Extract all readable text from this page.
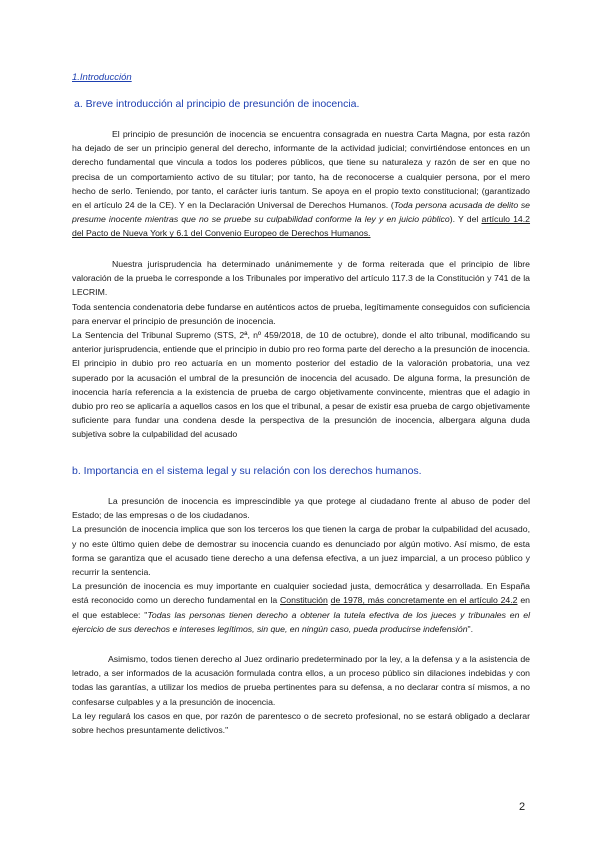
1.Introducción
a. Breve introducción al principio de presunción de inocencia.

El principio de presunción de inocencia se encuentra consagrada en nuestra Carta Magna, por esta razón ha dejado de ser un principio general del derecho, informante de la actividad judicial; convirtiéndose entonces en un derecho fundamental que vincula a todos los poderes públicos, que tiene su naturaleza y razón de ser en que no precisa de un comportamiento activo de su titular; por tanto, ha de reconocerse a cualquier persona, por el mero hecho de serlo. Teniendo, por tanto, el carácter iuris tantum. Se apoya en el propio texto constitucional; (garantizado en el artículo 24 de la CE). Y en la Declaración Universal de Derechos Humanos. (Toda persona acusada de delito se presume inocente mientras que no se pruebe su culpabilidad conforme la ley y en juicio público). Y del artículo 14.2 del Pacto de Nueva York y 6.1 del Convenio Europeo de Derechos Humanos.

Nuestra jurisprudencia ha determinado unánimemente y de forma reiterada que el principio de libre valoración de la prueba le corresponde a los Tribunales por imperativo del artículo 117.3 de la Constitución y 741 de la LECRIM.

Toda sentencia condenatoria debe fundarse en auténticos actos de prueba, legítimamente conseguidos con suficiencia para enervar el principio de presunción de inocencia.

La Sentencia del Tribunal Supremo (STS, 2ª, nº 459/2018, de 10 de octubre), donde el alto tribunal, modificando su anterior jurisprudencia, entiende que el principio in dubio pro reo forma parte del derecho a la presunción de inocencia. El principio in dubio pro reo actuaría en un momento posterior del estadio de la valoración probatoria, una vez superado por la acusación el umbral de la presunción de inocencia del acusado. De alguna forma, la presunción de inocencia haría referencia a la existencia de prueba de cargo objetivamente convincente, mientras que el adagio in dubio pro reo se aplicaría a aquellos casos en los que el tribunal, a pesar de existir esa prueba de cargo objetivamente suficiente para fundar una condena desde la perspectiva de la presunción de inocencia, albergara alguna duda subjetiva sobre la culpabilidad del acusado

b. Importancia en el sistema legal y su relación con los derechos humanos.

La presunción de inocencia es imprescindible ya que protege al ciudadano frente al abuso de poder del Estado; de las empresas o de los ciudadanos.

La presunción de inocencia implica que son los terceros los que tienen la carga de probar la culpabilidad del acusado, y no este último quien debe de demostrar su inocencia cuando es denunciado por algún motivo. Así mismo, de esta forma se garantiza que el acusado tiene derecho a una defensa efectiva, a un juez imparcial, a un proceso público y recurrir la sentencia.

La presunción de inocencia es muy importante en cualquier sociedad justa, democrática y desarrollada. En España está reconocido como un derecho fundamental en la Constitución de 1978, más concretamente en el artículo 24.2 en el que establece: "Todas las personas tienen derecho a obtener la tutela efectiva de los jueces y tribunales en el ejercicio de sus derechos e intereses legítimos, sin que, en ningún caso, pueda producirse indefensión".

Asimismo, todos tienen derecho al Juez ordinario predeterminado por la ley, a la defensa y a la asistencia de letrado, a ser informados de la acusación formulada contra ellos, a un proceso público sin dilaciones indebidas y con todas las garantías, a utilizar los medios de prueba pertinentes para su defensa, a no declarar contra sí mismos, a no confesarse culpables y a la presunción de inocencia.

La ley regulará los casos en que, por razón de parentesco o de secreto profesional, no se estará obligado a declarar sobre hechos presuntamente delictivos."

2
